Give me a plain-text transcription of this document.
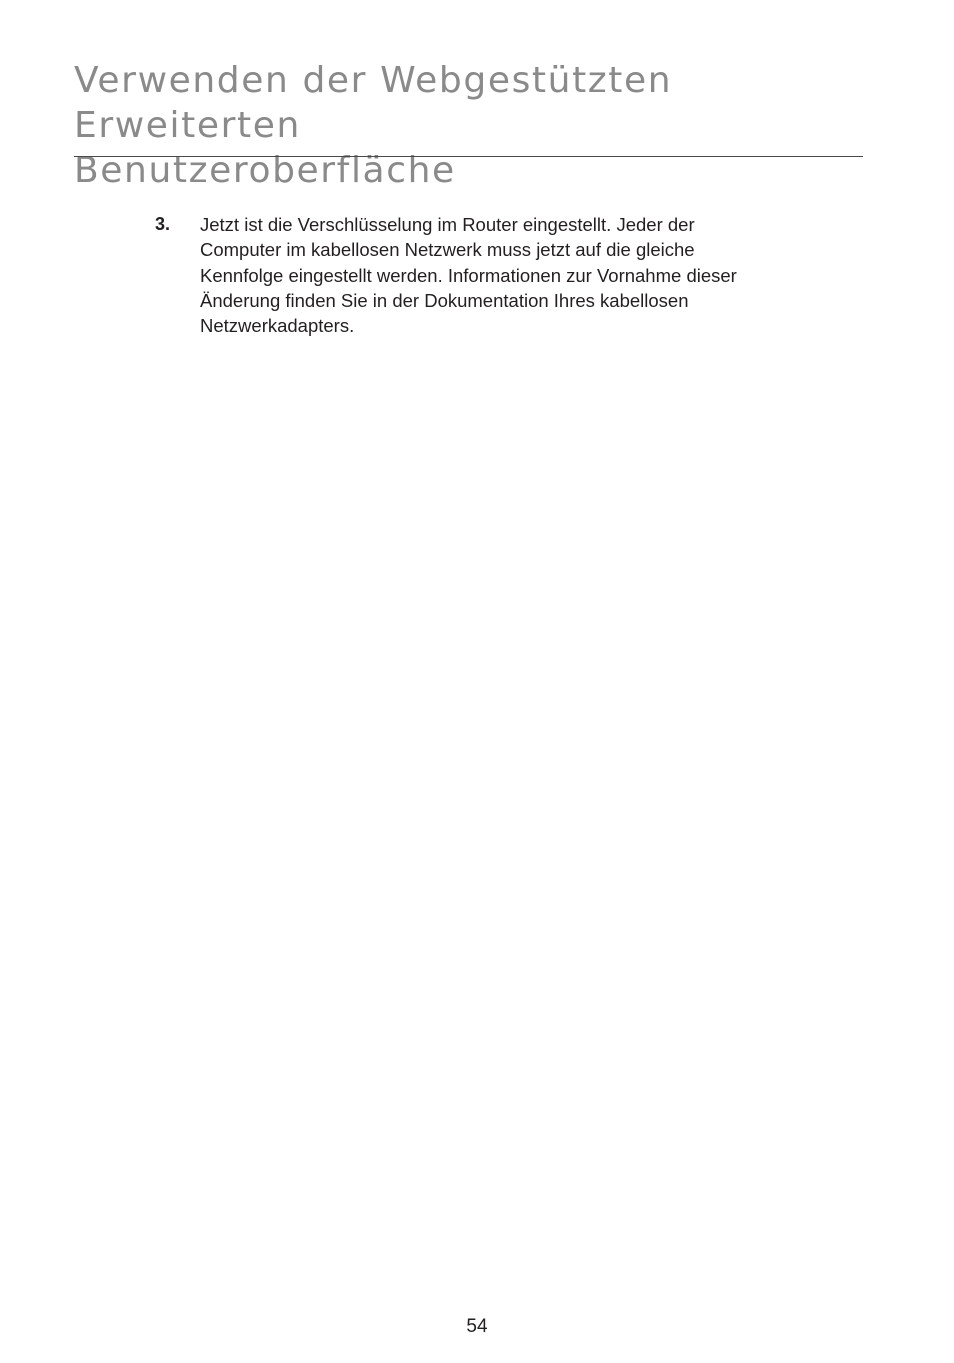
Verwenden der Webgestützten Erweiterten
Benutzeroberfläche
3. Jetzt ist die Verschlüsselung im Router eingestellt. Jeder der
Computer im kabellosen Netzwerk muss jetzt auf die gleiche
Kennfolge eingestellt werden. Informationen zur Vornahme dieser
Änderung finden Sie in der Dokumentation Ihres kabellosen
Netzwerkadapters.
54
